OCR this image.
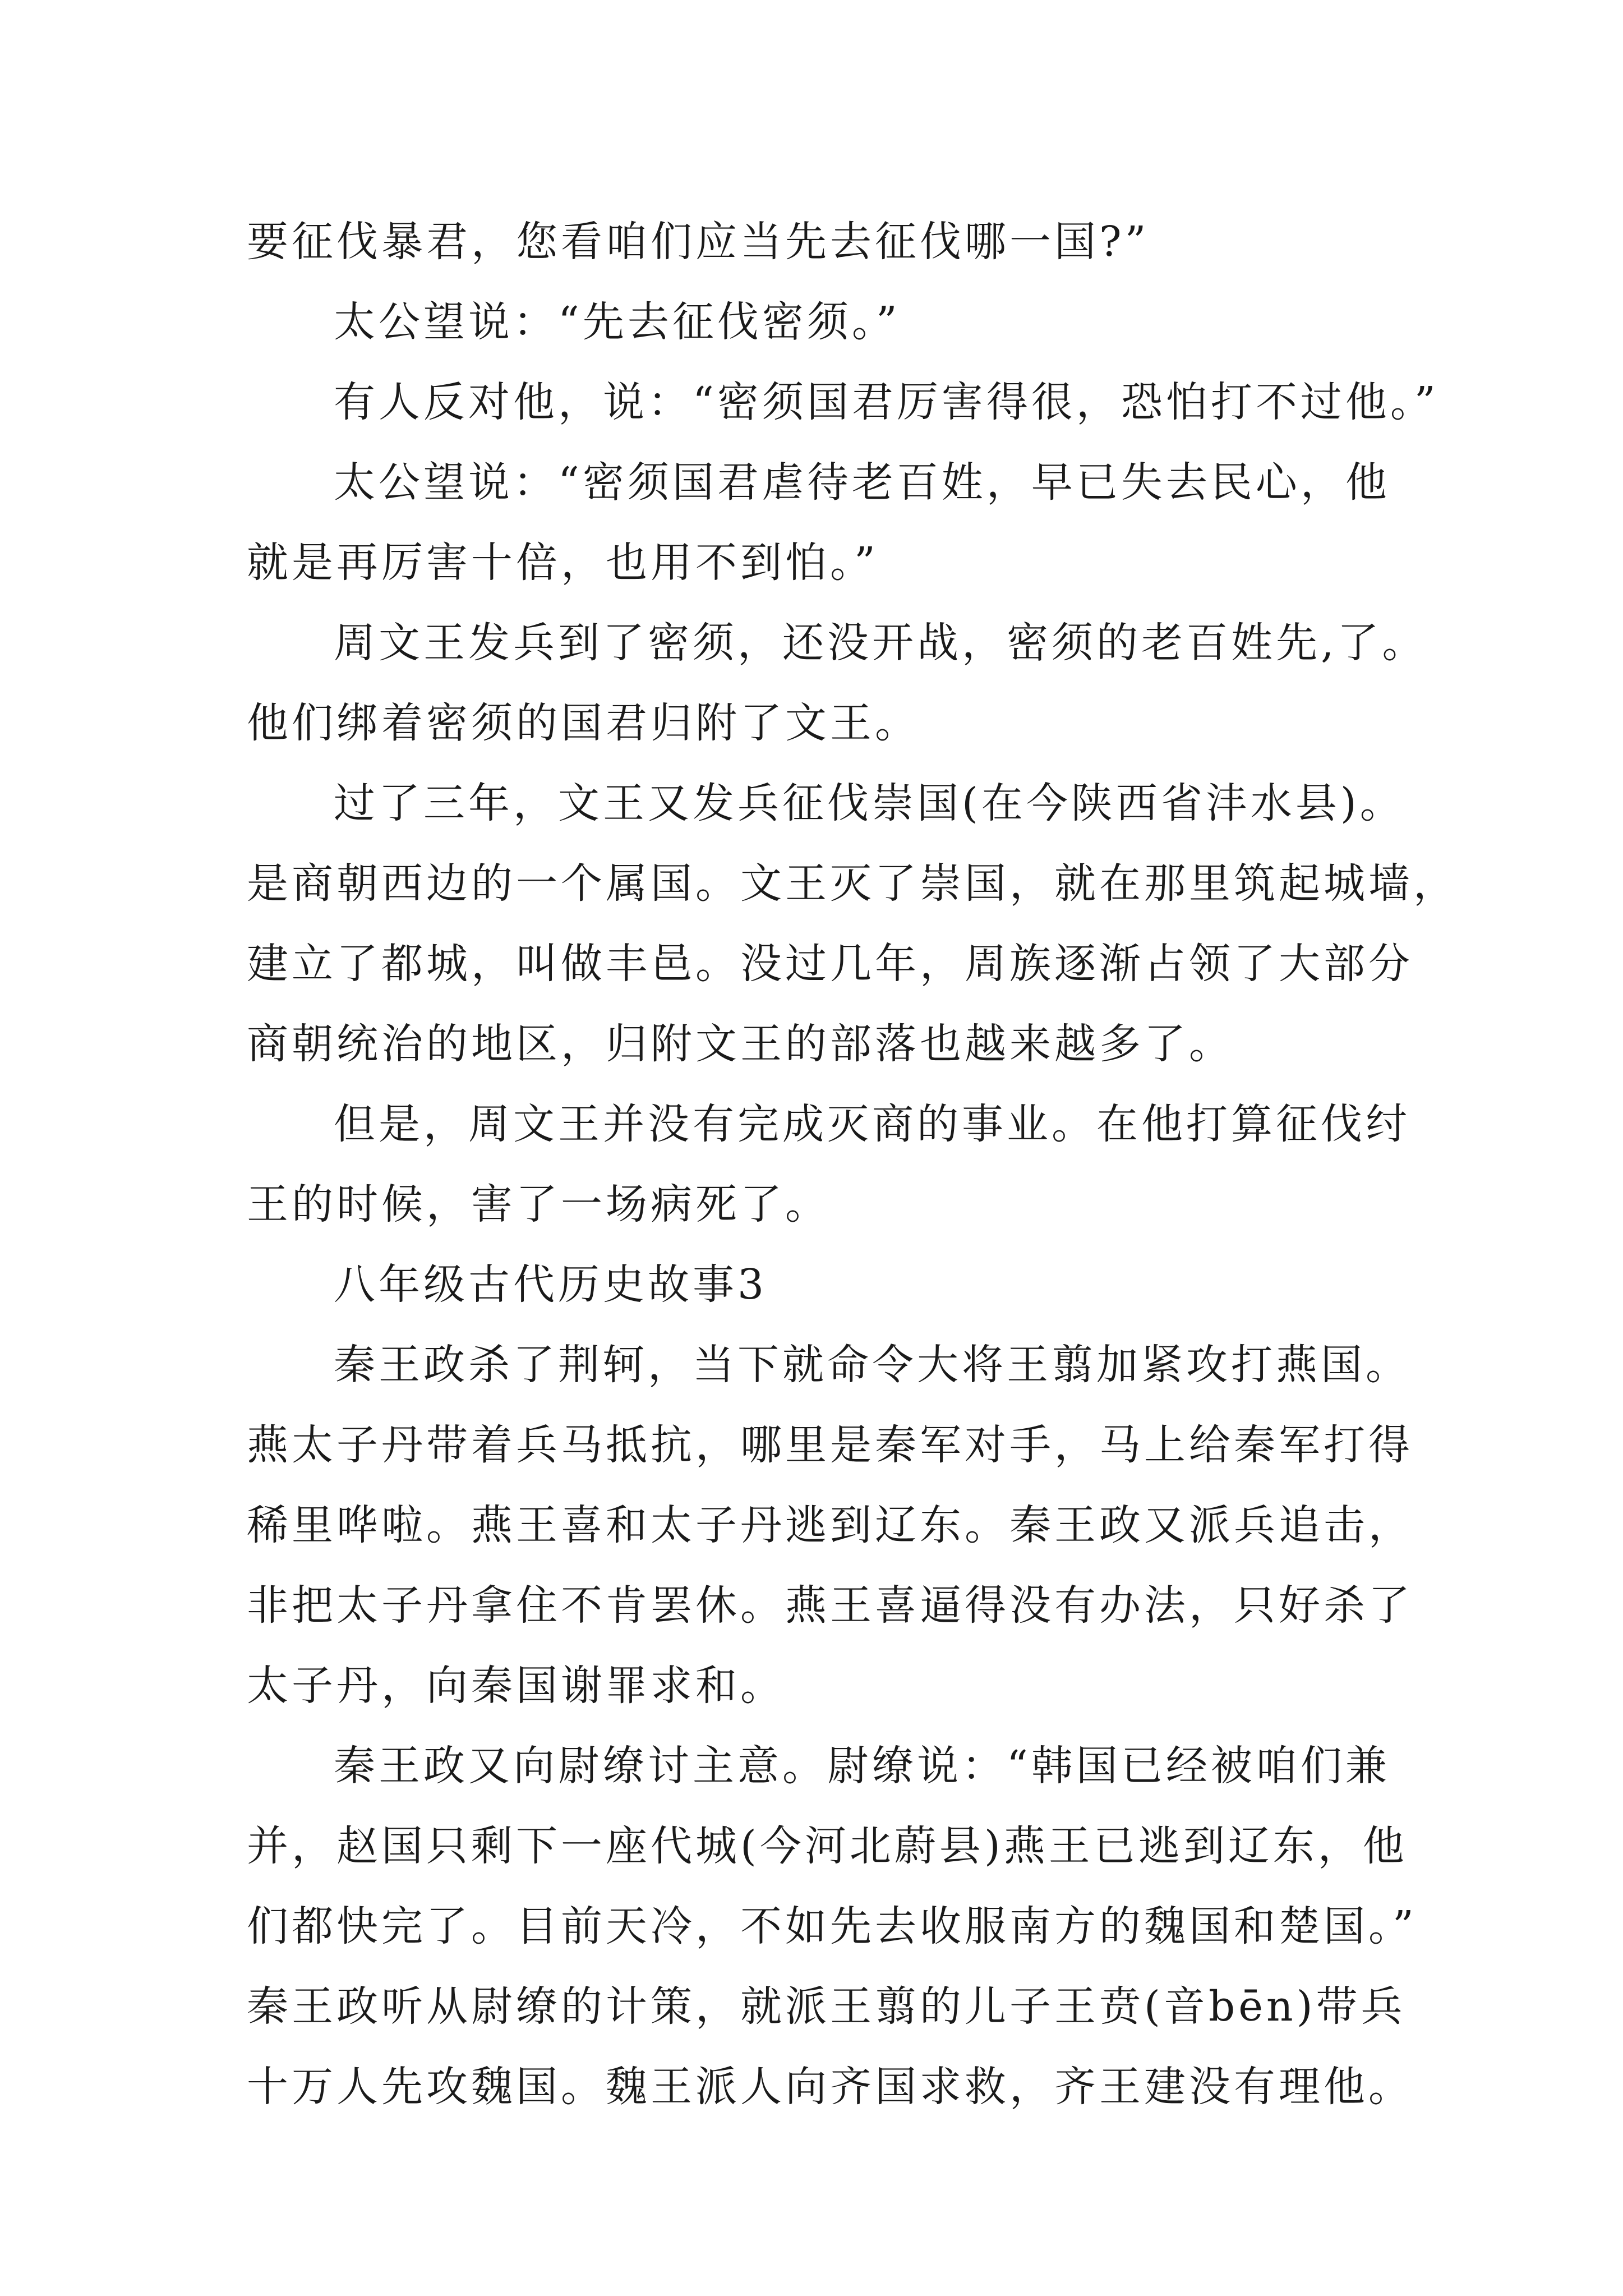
要征伐暴君，您看咱们应当先去征伐哪一国?”
太公望说：“先去征伐密须。”
有人反对他，说：“密须国君厉害得很，恐怕打不过他。”
太公望说：“密须国君虐待老百姓，早已失去民心，他
就是再厉害十倍，也用不到怕。”
周文王发兵到了密须，还没开战，密须的老百姓先,了。
他们绑着密须的国君归附了文王。
过了三年，文王又发兵征伐崇国(在今陕西省沣水县)。
是商朝西边的一个属国。文王灭了崇国，就在那里筑起城墙，
建立了都城，叫做丰邑。没过几年，周族逐渐占领了大部分
商朝统治的地区，归附文王的部落也越来越多了。
但是，周文王并没有完成灭商的事业。在他打算征伐纣
王的时候，害了一场病死了。
八年级古代历史故事3
秦王政杀了荆轲，当下就命令大将王翦加紧攻打燕国。
燕太子丹带着兵马抵抗，哪里是秦军对手，马上给秦军打得
稀里哗啦。燕王喜和太子丹逃到辽东。秦王政又派兵追击，
非把太子丹拿住不肯罢休。燕王喜逼得没有办法，只好杀了
太子丹，向秦国谢罪求和。
秦王政又向尉缭讨主意。尉缭说：“韩国已经被咱们兼
并，赵国只剩下一座代城(今河北蔚县)燕王已逃到辽东，他
们都快完了。目前天冷，不如先去收服南方的魏国和楚国。”
秦王政听从尉缭的计策，就派王翦的儿子王贲(音bēn)带兵
十万人先攻魏国。魏王派人向齐国求救，齐王建没有理他。
